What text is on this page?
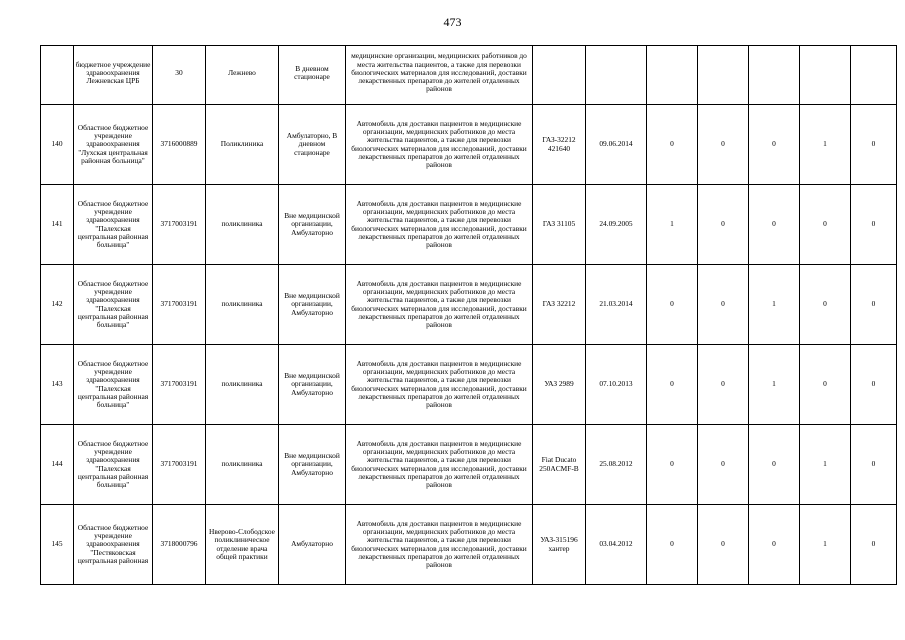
473

	бюджетное учреждение здравоохранения Лежневская ЦРБ	30	Лежнево	В дневном стационаре	медицинские организации, медицинских работников до места жительства пациентов, а также для перевозки биологических материалов для исследований, доставки лекарственных препаратов до жителей отдаленных районов							

140	Областное бюджетное учреждение здравоохранения "Лухская центральная районная больница"	3716000889	Поликлиника	Амбулаторно, В дневном стационаре	Автомобиль для доставки пациентов в медицинские организации, медицинских работников до места жительства пациентов, а также для перевозки биологических материалов для исследований, доставки лекарственных препаратов до жителей отдаленных районов	ГАЗ-32212 421640	09.06.2014	0	0	0	1	0

141	Областное бюджетное учреждение здравоохранения "Палехская центральная районная больница"	3717003191	поликлиника	Вне медицинской организации, Амбулаторно	Автомобиль для доставки пациентов в медицинские организации, медицинских работников до места жительства пациентов, а также для перевозки биологических материалов для исследований, доставки лекарственных препаратов до жителей отдаленных районов	ГАЗ 31105	24.09.2005	1	0	0	0	0

142	Областное бюджетное учреждение здравоохранения "Палехская центральная районная больница"	3717003191	поликлиника	Вне медицинской организации, Амбулаторно	Автомобиль для доставки пациентов в медицинские организации, медицинских работников до места жительства пациентов, а также для перевозки биологических материалов для исследований, доставки лекарственных препаратов до жителей отдаленных районов	ГАЗ 32212	21.03.2014	0	0	1	0	0

143	Областное бюджетное учреждение здравоохранения "Палехская центральная районная больница"	3717003191	поликлиника	Вне медицинской организации, Амбулаторно	Автомобиль для доставки пациентов в медицинские организации, медицинских работников до места жительства пациентов, а также для перевозки биологических материалов для исследований, доставки лекарственных препаратов до жителей отдаленных районов	УАЗ 2989	07.10.2013	0	0	1	0	0

144	Областное бюджетное учреждение здравоохранения "Палехская центральная районная больница"	3717003191	поликлиника	Вне медицинской организации, Амбулаторно	Автомобиль для доставки пациентов в медицинские организации, медицинских работников до места жительства пациентов, а также для перевозки биологических материалов для исследований, доставки лекарственных препаратов до жителей отдаленных районов	Fiat Ducato 250ACMF-B	25.08.2012	0	0	0	1	0

145	Областное бюджетное учреждение здравоохранения "Пестяковская центральная районная	3718000796	Нверово-Слободское поликлиническое отделение врача общей практики	Амбулаторно	Автомобиль для доставки пациентов в медицинские организации, медицинских работников до места жительства пациентов, а также для перевозки биологических материалов для исследований, доставки лекарственных препаратов до жителей отдаленных районов	УАЗ-315196 хантер	03.04.2012	0	0	0	1	0
